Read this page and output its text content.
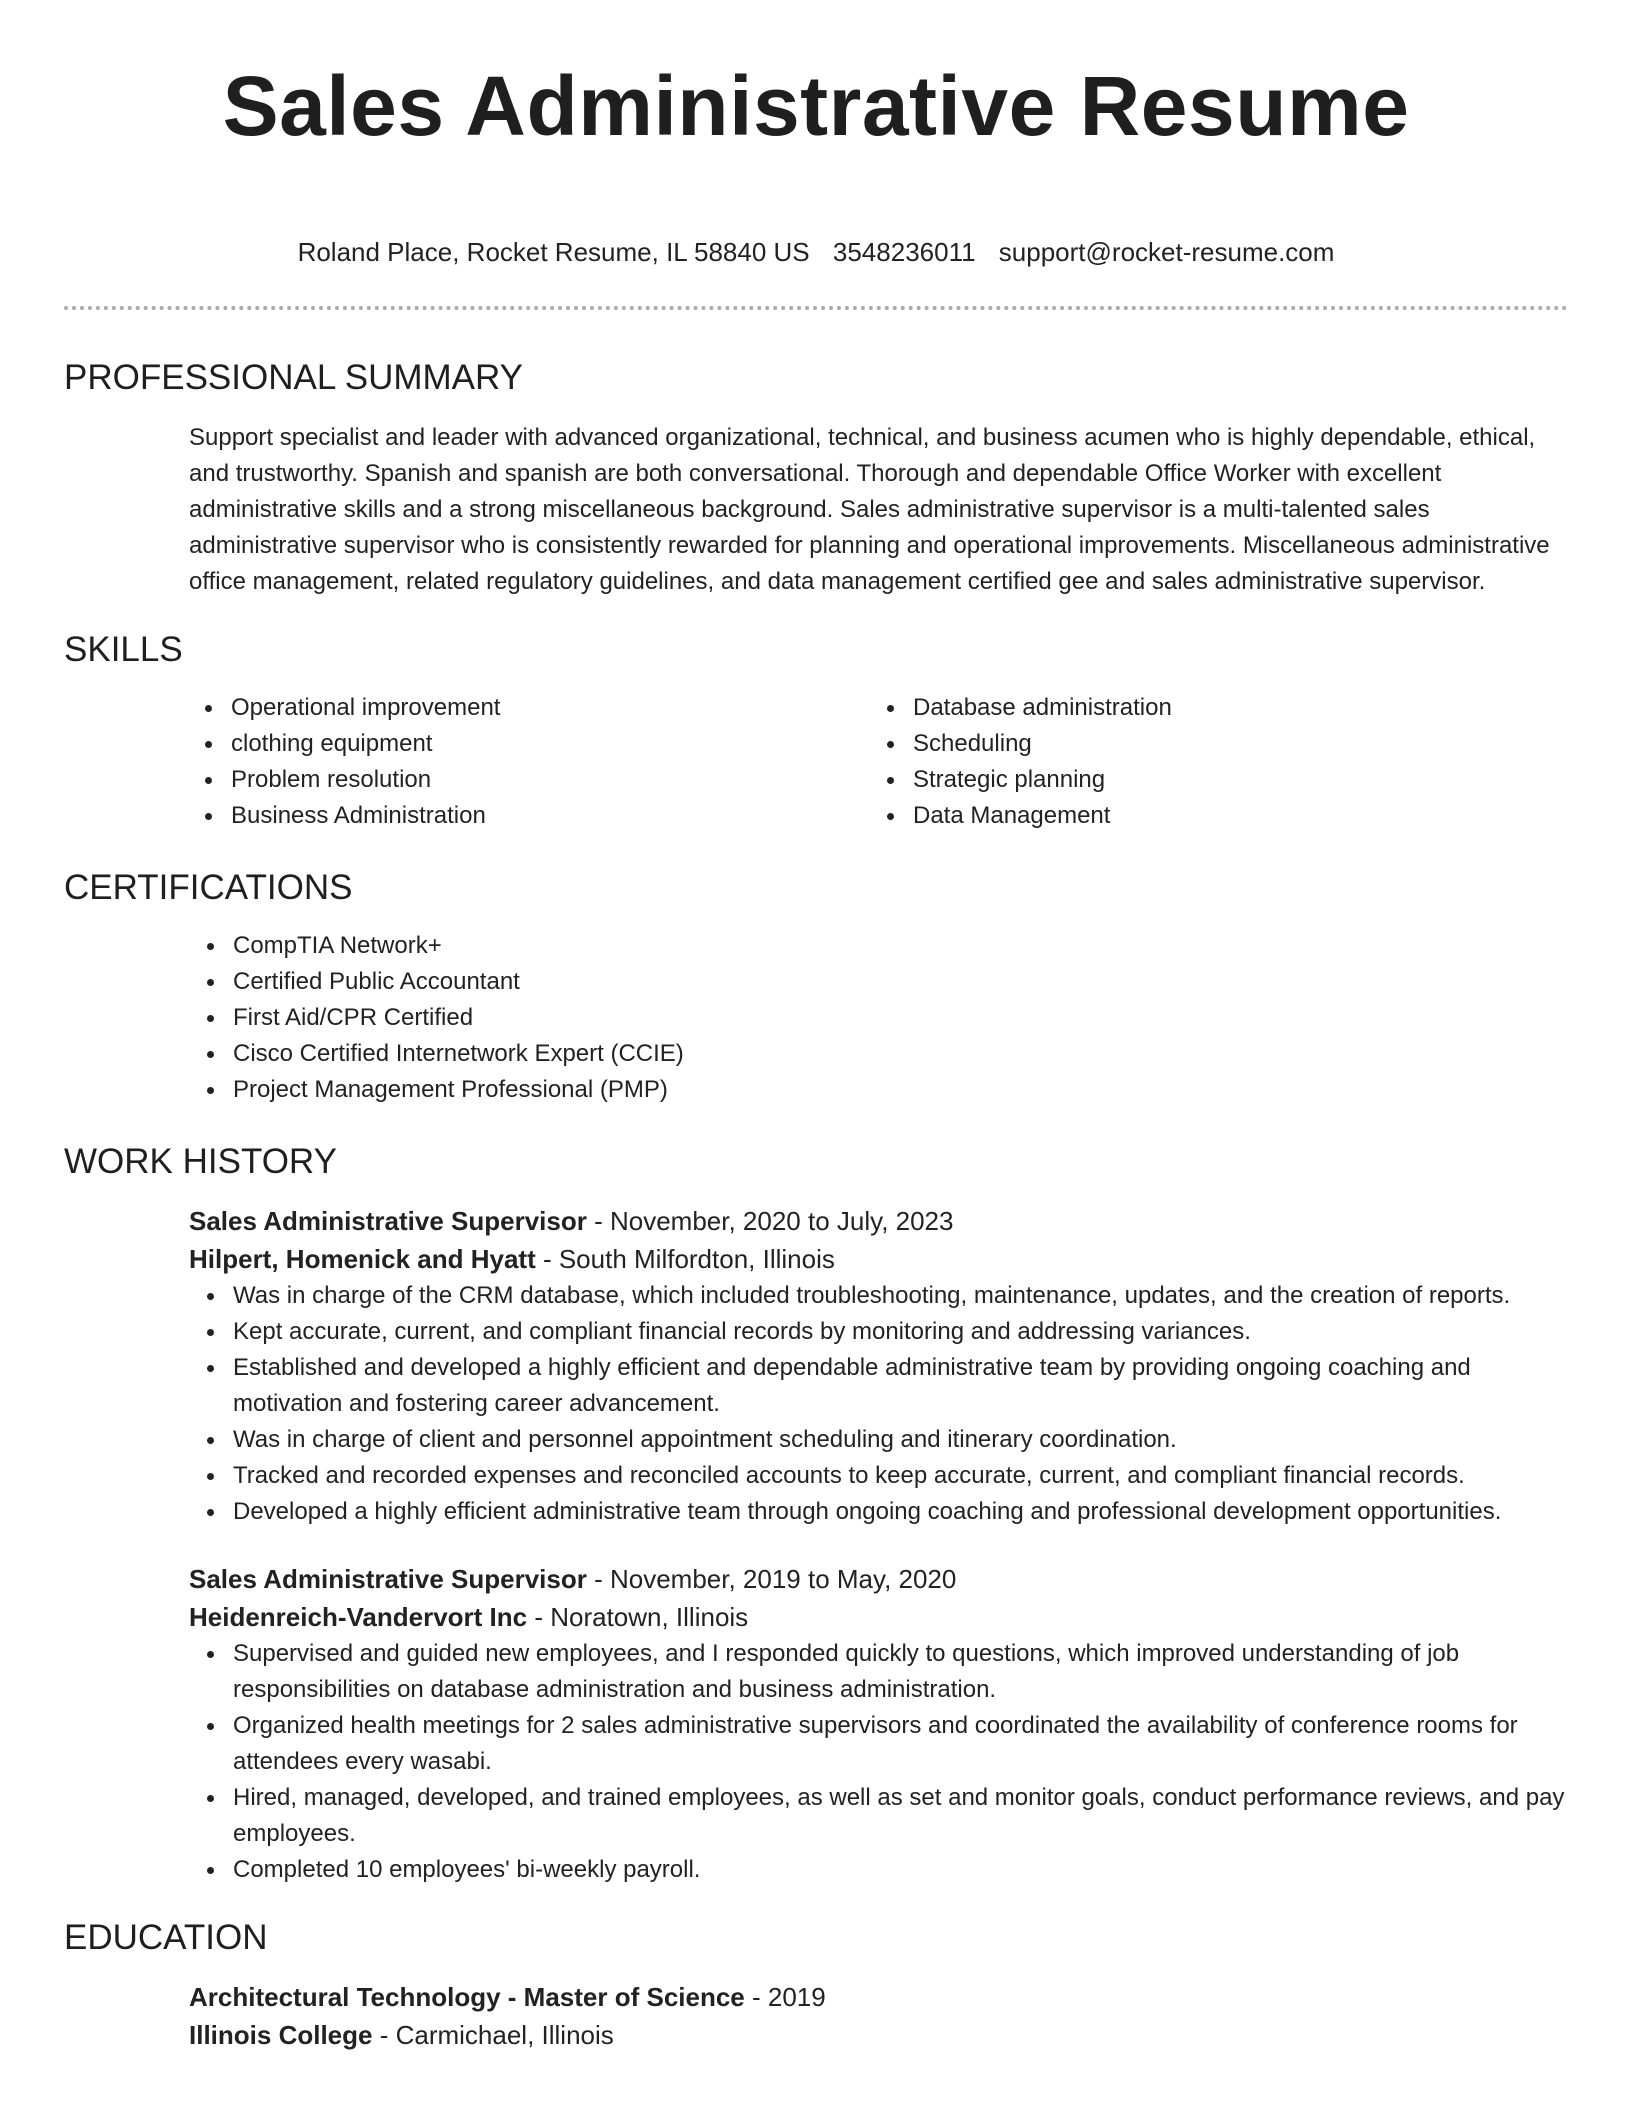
Sales Administrative Resume
Roland Place, Rocket Resume, IL 58840 US 3548236011 support@rocket-resume.com
PROFESSIONAL SUMMARY
Support specialist and leader with advanced organizational, technical, and business acumen who is highly dependable, ethical, and trustworthy. Spanish and spanish are both conversational. Thorough and dependable Office Worker with excellent administrative skills and a strong miscellaneous background. Sales administrative supervisor is a multi-talented sales administrative supervisor who is consistently rewarded for planning and operational improvements. Miscellaneous administrative office management, related regulatory guidelines, and data management certified gee and sales administrative supervisor.
SKILLS
Operational improvement
clothing equipment
Problem resolution
Business Administration
Database administration
Scheduling
Strategic planning
Data Management
CERTIFICATIONS
CompTIA Network+
Certified Public Accountant
First Aid/CPR Certified
Cisco Certified Internetwork Expert (CCIE)
Project Management Professional (PMP)
WORK HISTORY
Sales Administrative Supervisor - November, 2020 to July, 2023
Hilpert, Homenick and Hyatt - South Milfordton, Illinois
Was in charge of the CRM database, which included troubleshooting, maintenance, updates, and the creation of reports.
Kept accurate, current, and compliant financial records by monitoring and addressing variances.
Established and developed a highly efficient and dependable administrative team by providing ongoing coaching and motivation and fostering career advancement.
Was in charge of client and personnel appointment scheduling and itinerary coordination.
Tracked and recorded expenses and reconciled accounts to keep accurate, current, and compliant financial records.
Developed a highly efficient administrative team through ongoing coaching and professional development opportunities.
Sales Administrative Supervisor - November, 2019 to May, 2020
Heidenreich-Vandervort Inc - Noratown, Illinois
Supervised and guided new employees, and I responded quickly to questions, which improved understanding of job responsibilities on database administration and business administration.
Organized health meetings for 2 sales administrative supervisors and coordinated the availability of conference rooms for attendees every wasabi.
Hired, managed, developed, and trained employees, as well as set and monitor goals, conduct performance reviews, and pay employees.
Completed 10 employees' bi-weekly payroll.
EDUCATION
Architectural Technology - Master of Science - 2019
Illinois College - Carmichael, Illinois
